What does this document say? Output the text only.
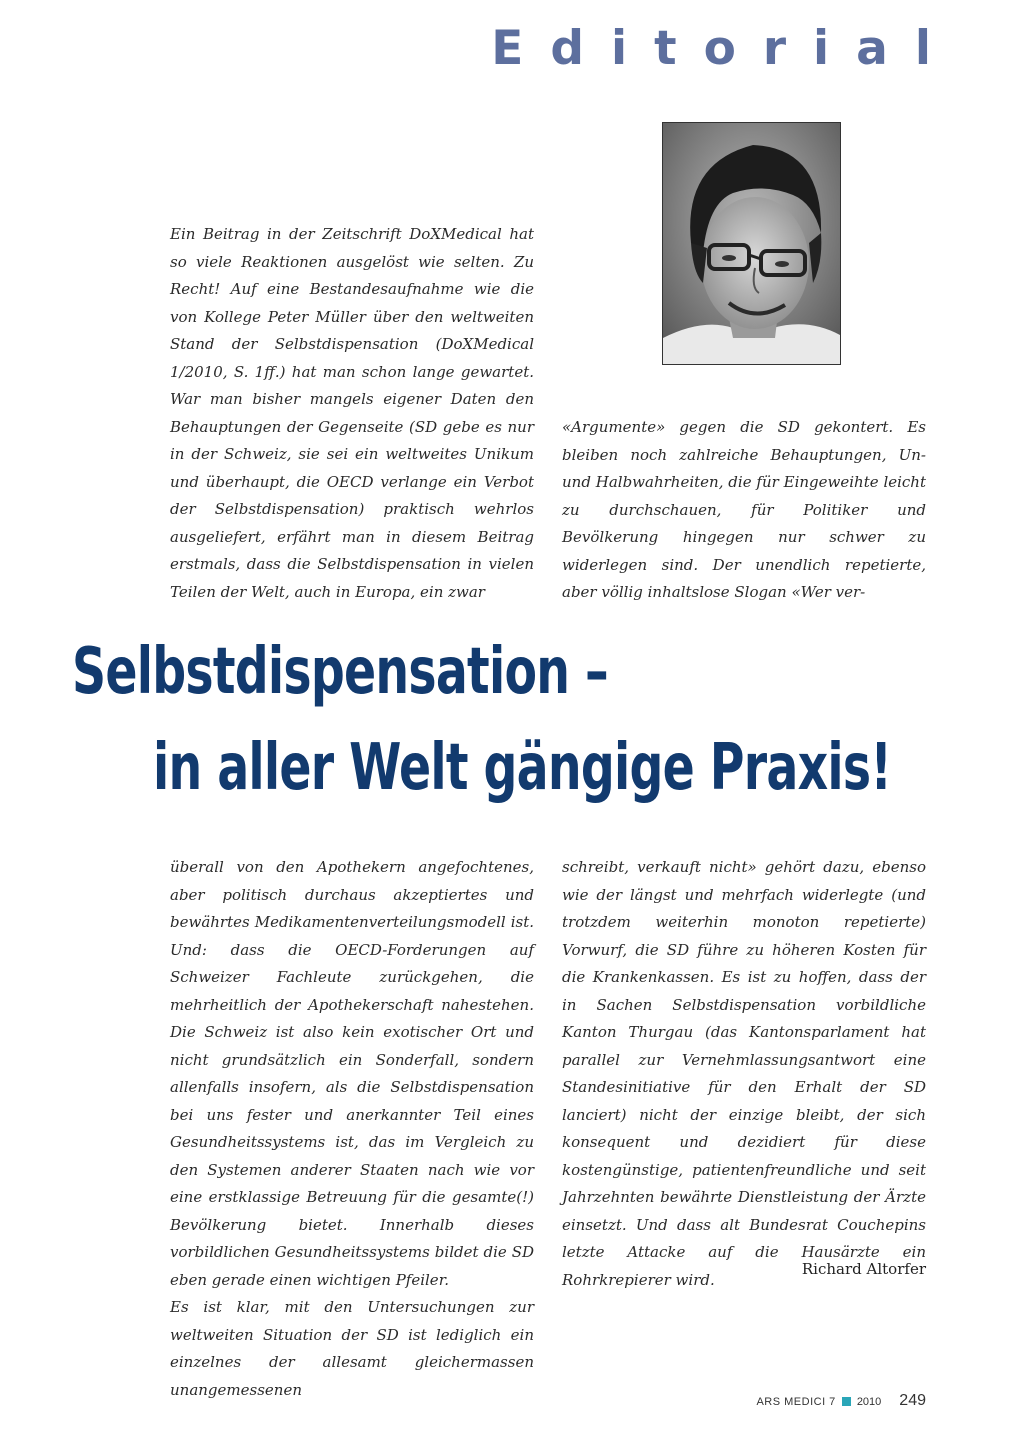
Editorial
Ein Beitrag in der Zeitschrift DoXMedical hat so viele Reaktionen ausgelöst wie selten. Zu Recht! Auf eine Bestandesaufnahme wie die von Kollege Peter Müller über den weltweiten Stand der Selbstdispensation (DoXMedical 1/2010, S. 1ff.) hat man schon lange gewartet. War man bisher mangels eigener Daten den Behauptungen der Gegenseite (SD gebe es nur in der Schweiz, sie sei ein weltweites Unikum und überhaupt, die OECD verlange ein Verbot der Selbstdispensation) praktisch wehrlos ausgeliefert, erfährt man in diesem Beitrag erstmals, dass die Selbstdispensation in vielen Teilen der Welt, auch in Europa, ein zwar
«Argumente» gegen die SD gekontert. Es bleiben noch zahlreiche Behauptungen, Un- und Halbwahrheiten, die für Eingeweihte leicht zu durchschauen, für Politiker und Bevölkerung hingegen nur schwer zu widerlegen sind. Der unendlich repetierte, aber völlig inhaltslose Slogan «Wer ver-
Selbstdispensation –
in aller Welt gängige Praxis!

überall von den Apothekern angefochtenes, aber politisch durchaus akzeptiertes und bewährtes Medikamentenverteilungsmodell ist. Und: dass die OECD-Forderungen auf Schweizer Fachleute zurückgehen, die mehrheitlich der Apothekerschaft nahestehen. Die Schweiz ist also kein exotischer Ort und nicht grundsätzlich ein Sonderfall, sondern allenfalls insofern, als die Selbstdispensation bei uns fester und anerkannter Teil eines Gesundheitssystems ist, das im Vergleich zu den Systemen anderer Staaten nach wie vor eine erstklassige Betreuung für die gesamte(!) Bevölkerung bietet. Innerhalb dieses vorbildlichen Gesundheitssystems bildet die SD eben gerade einen wichtigen Pfeiler.

Es ist klar, mit den Untersuchungen zur weltweiten Situation der SD ist lediglich ein einzelnes der allesamt gleichermassen unangemessenen

schreibt, verkauft nicht» gehört dazu, ebenso wie der längst und mehrfach widerlegte (und trotzdem weiterhin monoton repetierte) Vorwurf, die SD führe zu höheren Kosten für die Krankenkassen. Es ist zu hoffen, dass der in Sachen Selbstdispensation vorbildliche Kanton Thurgau (das Kantonsparlament hat parallel zur Vernehmlassungsantwort eine Standesinitiative für den Erhalt der SD lanciert) nicht der einzige bleibt, der sich konsequent und dezidiert für diese kostengünstige, patientenfreundliche und seit Jahrzehnten bewährte Dienstleistung der Ärzte einsetzt. Und dass alt Bundesrat Couchepins letzte Attacke auf die Hausärzte ein Rohrkrepierer wird.
Richard Altorfer
ARS MEDICI 7 2010 249
